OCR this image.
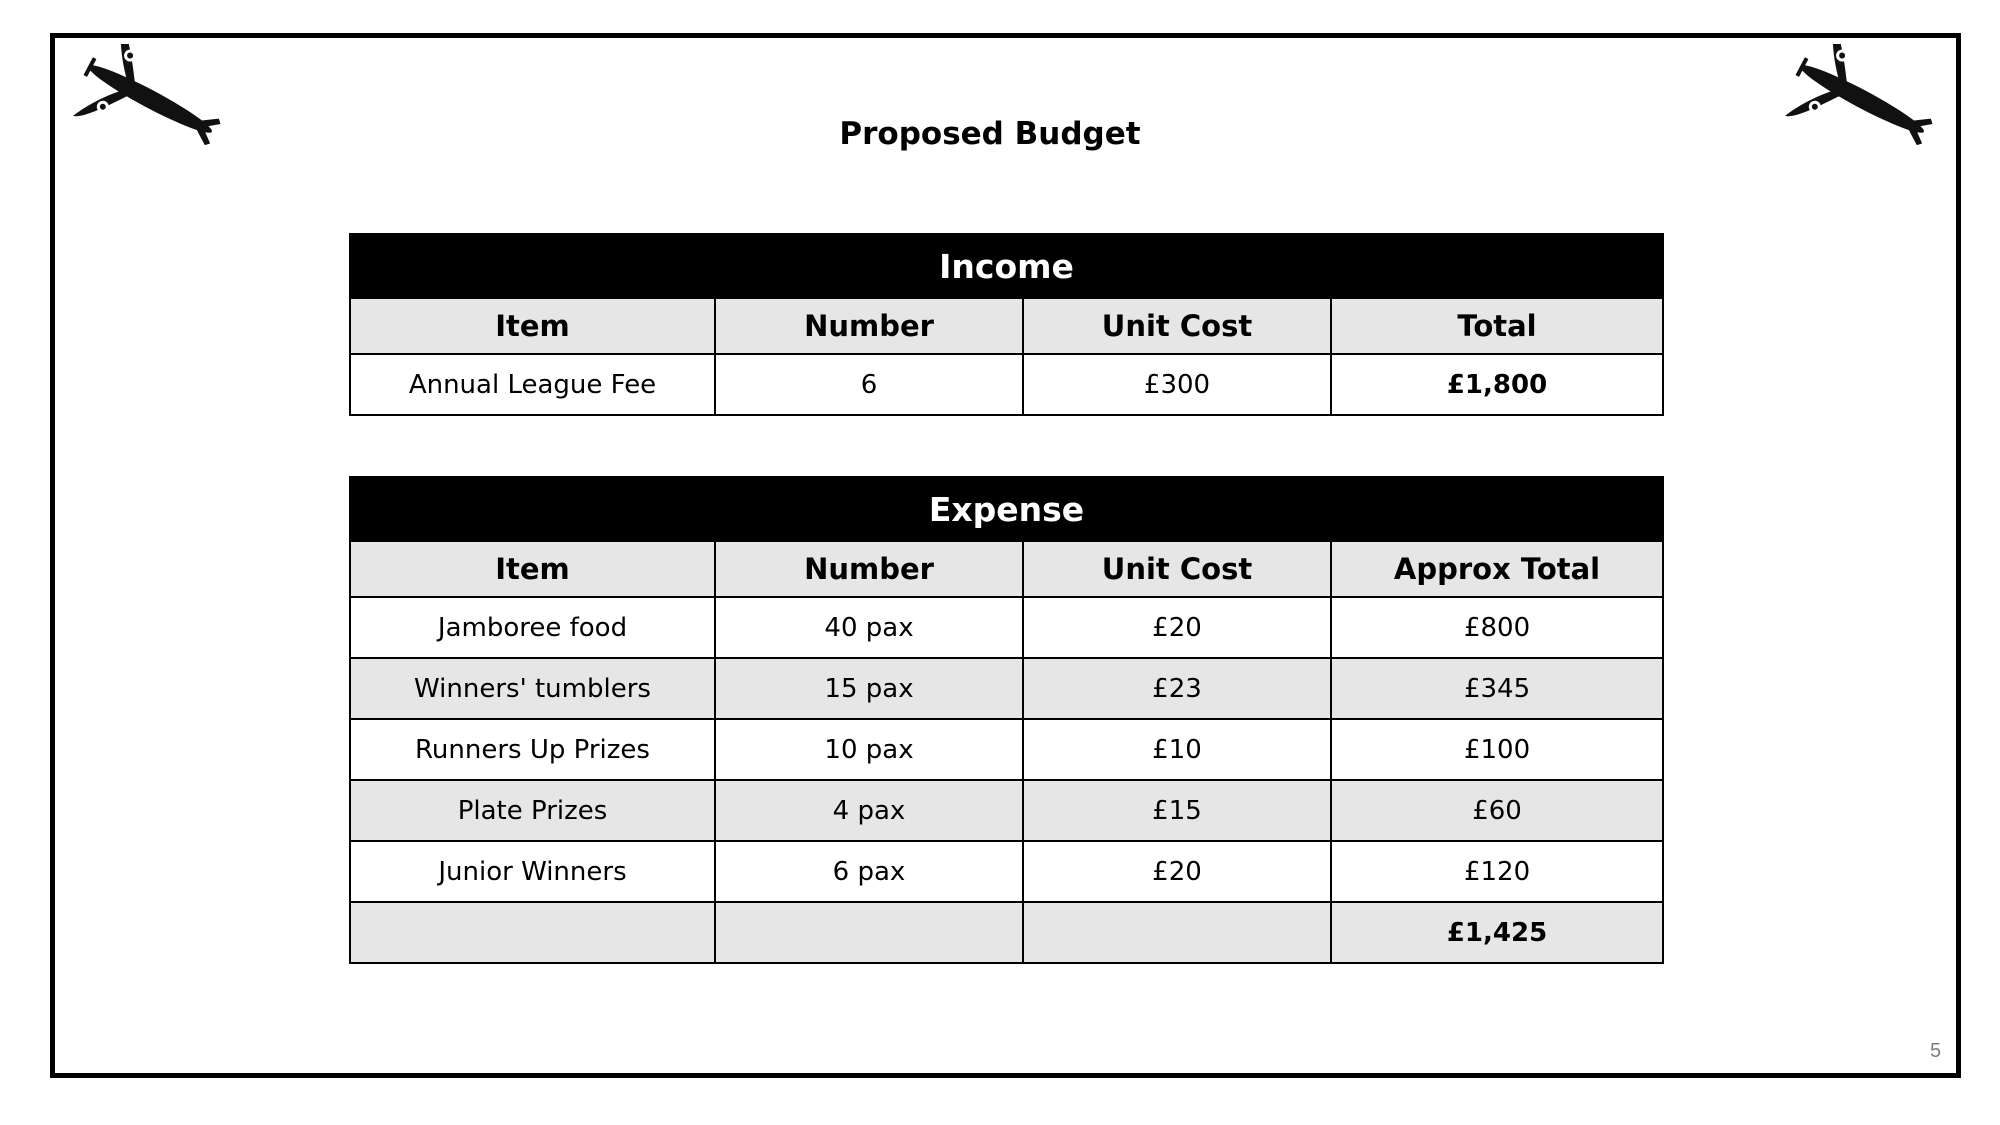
Proposed Budget
Income			
Item	Number	Unit Cost	Total
Annual League Fee	6	£300	£1,800
Expense			
Item	Number	Unit Cost	Approx Total
Jamboree food	40 pax	£20	£800
Winners' tumblers	15 pax	£23	£345
Runners Up Prizes	10 pax	£10	£100
Plate Prizes	4 pax	£15	£60
Junior Winners	6 pax	£20	£120
			£1,425
5
